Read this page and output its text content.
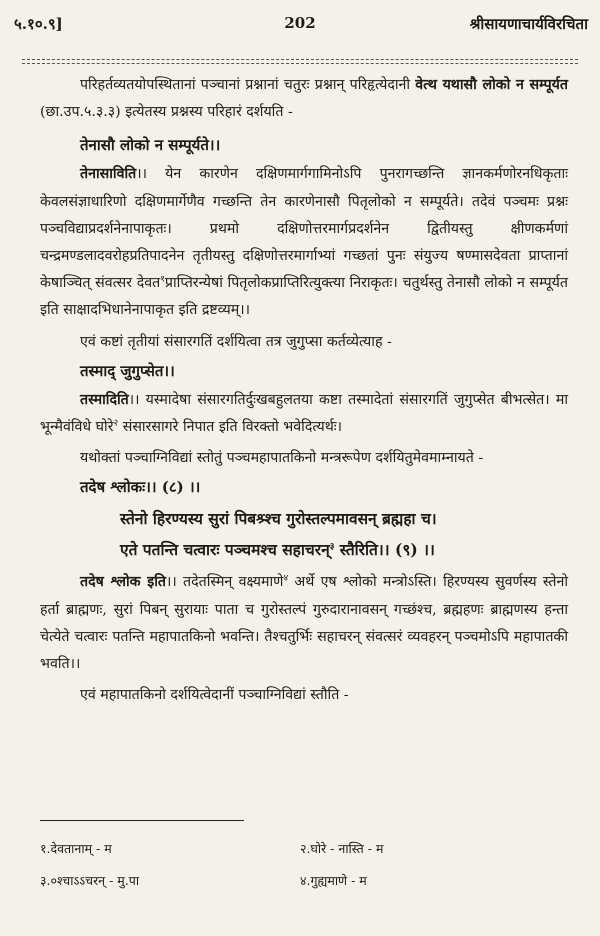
५.१०.९]	202	श्रीसायणाचार्यविरचिता

परिहर्तव्यतयोपस्थितानां पञ्चानां प्रश्नानां चतुरः प्रश्नान् परिहृत्येदानी वेत्थ यथासौ लोको न सम्पूर्यत (छा.उप.५.३.३) इत्येतस्य प्रश्नस्य परिहारं दर्शयति -

तेनासौ लोको न सम्पूर्यते।।

तेनासाविति।। येन कारणेन दक्षिणमार्गगामिनोऽपि पुनरागच्छन्ति ज्ञानकर्मणोरनधिकृताः केवलसंज्ञाधारिणो दक्षिणमार्गेणैव गच्छन्ति तेन कारणेनासौ पितृलोको न सम्पूर्यते। तदेवं पञ्चमः प्रश्नः पञ्चविद्याप्रदर्शनेनापाकृतः। प्रथमो दक्षिणोत्तरमार्गप्रदर्शनेन द्वितीयस्तु क्षीणकर्मणां चन्द्रमण्डलादवरोहप्रतिपादनेन तृतीयस्तु दक्षिणोत्तरमार्गाभ्यां गच्छतां पुनः संयुज्य षण्मासदेवता प्राप्तानां केषाञ्चित् संवत्सर देवत$^१$प्राप्तिरन्येषां पितृलोकप्राप्तिरित्युक्त्या निराकृतः। चतुर्थस्तु तेनासौ लोको न सम्पूर्यत इति साक्षादभिधानेनापाकृत इति द्रष्टव्यम्।।

एवं कष्टां तृतीयां संसारगतिं दर्शयित्वा तत्र जुगुप्सा कर्तव्येत्याह -

तस्माद् जुगुप्सेत।।

तस्मादिति।। यस्मादेषा संसारगतिर्दुःखबहुलतया कष्टा तस्मादेतां संसारगतिं जुगुप्सेत बीभत्सेत। मा भून्मैवंविधे घोरे$^२$ संसारसागरे निपात इति विरक्तो भवेदित्यर्थः।

यथोक्तां पञ्चाग्निविद्यां स्तोतुं पञ्चमहापातकिनो मन्त्ररूपेण दर्शयितुमेवमाम्नायते -

तदेष श्लोकः।। (८) ।।

स्तेनो हिरण्यस्य सुरां पिबश्र्श्च गुरोस्तल्पमावसन् ब्रह्महा च।

एते पतन्ति चत्वारः पञ्चमश्च सहाचरन्$^३$ स्तैरिति।। (९) ।।

तदेष श्लोक इति।। तदेतस्मिन् वक्ष्यमाणे$^४$ अर्थे एष श्लोको मन्त्रोऽस्ति। हिरण्यस्य सुवर्णस्य स्तेनो हर्ता ब्राह्मणः, सुरां पिबन् सुरायाः पाता च गुरोस्तल्पं गुरुदारानावसन् गच्छंश्च, ब्रह्महणः ब्राह्मणस्य हन्ता चेत्येते चत्वारः पतन्ति महापातकिनो भवन्ति। तैश्चतुर्भिः सहाचरन् संवत्सरं व्यवहरन् पञ्चमोऽपि महापातकी भवति।।

एवं महापातकिनो दर्शयित्वेदानीं पञ्चाग्निविद्यां स्तौति -

१.देवतानाम् - म	२.घोरे - नास्ति - म
३.०श्चाऽऽचरन् - मु.पा	४.गुह्यमाणे - म
